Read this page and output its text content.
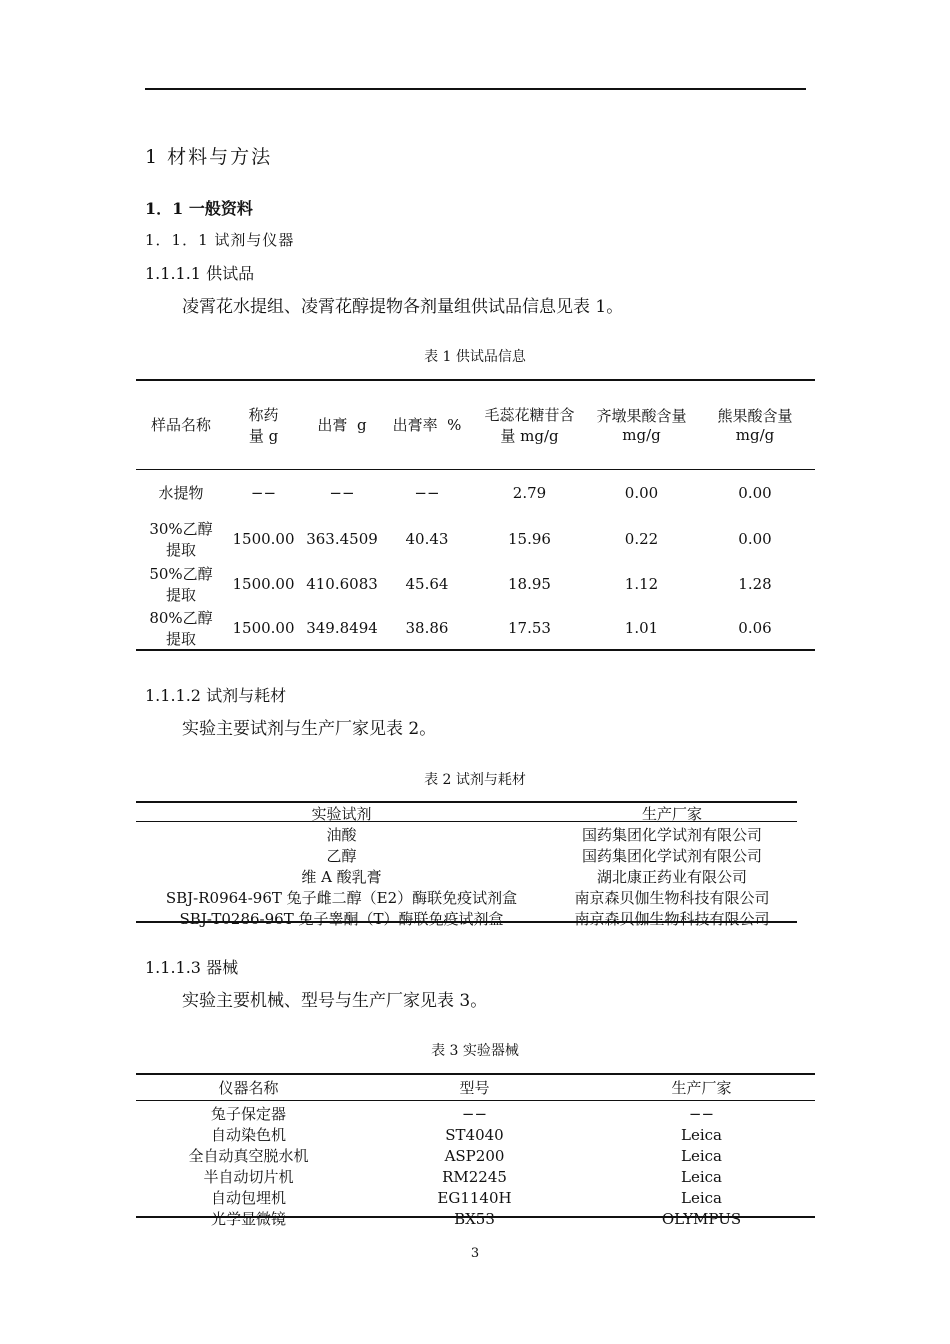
1 材料与方法
1．1 一般资料
1．1．1 试剂与仪器
1.1.1.1 供试品
凌霄花水提组、凌霄花醇提物各剂量组供试品信息见表 1。
表 1 供试品信息
样品名称	称药量 g	出膏  g	出膏率  %	毛蕊花糖苷含量 mg/g	齐墩果酸含量 mg/g	熊果酸含量 mg/g
水提物	−−	−−	−−	2.79	0.00	0.00
30%乙醇提取	1500.00	363.4509	40.43	15.96	0.22	0.00
50%乙醇提取	1500.00	410.6083	45.64	18.95	1.12	1.28
80%乙醇提取	1500.00	349.8494	38.86	17.53	1.01	0.06
1.1.1.2 试剂与耗材
实验主要试剂与生产厂家见表 2。
表 2 试剂与耗材
实验试剂	生产厂家
油酸	国药集团化学试剂有限公司
乙醇	国药集团化学试剂有限公司
维 A 酸乳膏	湖北康正药业有限公司
SBJ-R0964-96T 兔子雌二醇（E2）酶联免疫试剂盒	南京森贝伽生物科技有限公司
SBJ-T0286-96T 兔子睾酮（T）酶联免疫试剂盒	南京森贝伽生物科技有限公司
1.1.1.3 器械
实验主要机械、型号与生产厂家见表 3。
表 3 实验器械
仪器名称	型号	生产厂家
兔子保定器	−−	−−
自动染色机	ST4040	Leica
全自动真空脱水机	ASP200	Leica
半自动切片机	RM2245	Leica
自动包埋机	EG1140H	Leica
光学显微镜	BX53	OLYMPUS
3
